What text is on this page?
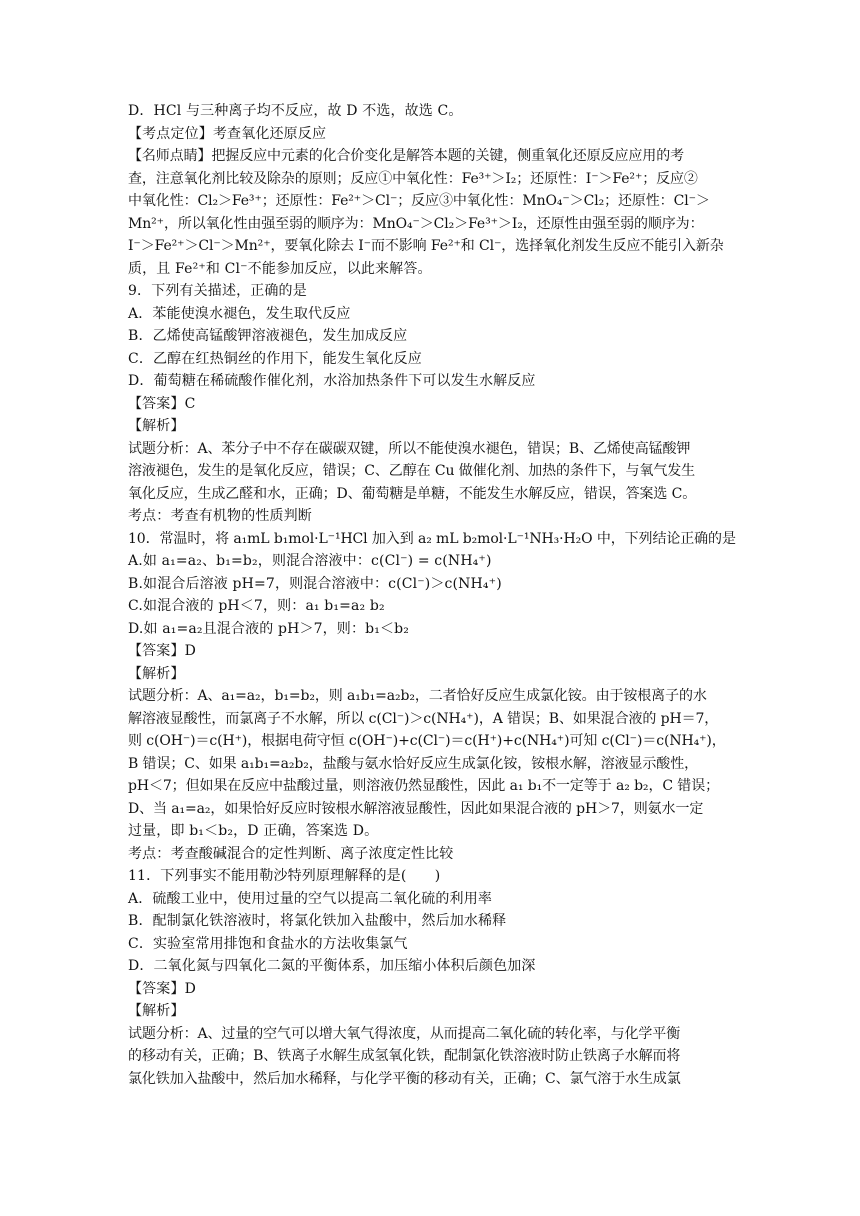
D．HCl 与三种离子均不反应，故 D 不选，故选 C。
【考点定位】考查氧化还原反应
【名师点睛】把握反应中元素的化合价变化是解答本题的关键，侧重氧化还原反应应用的考
查，注意氧化剂比较及除杂的原则；反应①中氧化性：Fe³⁺＞I₂；还原性：I⁻＞Fe²⁺；反应②
中氧化性：Cl₂＞Fe³⁺；还原性：Fe²⁺＞Cl⁻；反应③中氧化性：MnO₄⁻＞Cl₂；还原性：Cl⁻＞
Mn²⁺，所以氧化性由强至弱的顺序为：MnO₄⁻＞Cl₂＞Fe³⁺＞I₂，还原性由强至弱的顺序为：
I⁻＞Fe²⁺＞Cl⁻＞Mn²⁺，要氧化除去 I⁻而不影响 Fe²⁺和 Cl⁻，选择氧化剂发生反应不能引入新杂
质，且 Fe²⁺和 Cl⁻不能参加反应，以此来解答。
9．下列有关描述，正确的是
A．苯能使溴水褪色，发生取代反应
B．乙烯使高锰酸钾溶液褪色，发生加成反应
C．乙醇在红热铜丝的作用下，能发生氧化反应
D．葡萄糖在稀硫酸作催化剂，水浴加热条件下可以发生水解反应
【答案】C
【解析】
试题分析：A、苯分子中不存在碳碳双键，所以不能使溴水褪色，错误；B、乙烯使高锰酸钾
溶液褪色，发生的是氧化反应，错误；C、乙醇在 Cu 做催化剂、加热的条件下，与氧气发生
氧化反应，生成乙醛和水，正确；D、葡萄糖是单糖，不能发生水解反应，错误，答案选 C。
考点：考查有机物的性质判断
10．常温时，将 a₁mL b₁mol·L⁻¹HCl 加入到 a₂ mL b₂mol·L⁻¹NH₃·H₂O 中，下列结论正确的是
A.如 a₁=a₂、b₁=b₂，则混合溶液中：c(Cl⁻) = c(NH₄⁺)
B.如混合后溶液 pH=7，则混合溶液中：c(Cl⁻)＞c(NH₄⁺)
C.如混合液的 pH＜7，则：a₁ b₁=a₂ b₂
D.如 a₁=a₂且混合液的 pH＞7，则：b₁＜b₂
【答案】D
【解析】
试题分析：A、a₁=a₂，b₁=b₂，则 a₁b₁=a₂b₂，二者恰好反应生成氯化铵。由于铵根离子的水
解溶液显酸性，而氯离子不水解，所以 c(Cl⁻)＞c(NH₄⁺)，A 错误；B、如果混合液的 pH＝7，
则 c(OH⁻)＝c(H⁺)，根据电荷守恒 c(OH⁻)+c(Cl⁻)＝c(H⁺)+c(NH₄⁺)可知 c(Cl⁻)＝c(NH₄⁺)，
B 错误；C、如果 a₁b₁=a₂b₂，盐酸与氨水恰好反应生成氯化铵，铵根水解，溶液显示酸性，
pH＜7；但如果在反应中盐酸过量，则溶液仍然显酸性，因此 a₁ b₁不一定等于 a₂ b₂，C 错误；
D、当 a₁=a₂，如果恰好反应时铵根水解溶液显酸性，因此如果混合液的 pH＞7，则氨水一定
过量，即 b₁＜b₂，D 正确，答案选 D。
考点：考查酸碱混合的定性判断、离子浓度定性比较
11．下列事实不能用勒沙特列原理解释的是(　　)
A．硫酸工业中，使用过量的空气以提高二氧化硫的利用率
B．配制氯化铁溶液时，将氯化铁加入盐酸中，然后加水稀释
C．实验室常用排饱和食盐水的方法收集氯气
D．二氧化氮与四氧化二氮的平衡体系，加压缩小体积后颜色加深
【答案】D
【解析】
试题分析：A、过量的空气可以增大氧气得浓度，从而提高二氧化硫的转化率，与化学平衡
的移动有关，正确；B、铁离子水解生成氢氧化铁，配制氯化铁溶液时防止铁离子水解而将
氯化铁加入盐酸中，然后加水稀释，与化学平衡的移动有关，正确；C、氯气溶于水生成氯
